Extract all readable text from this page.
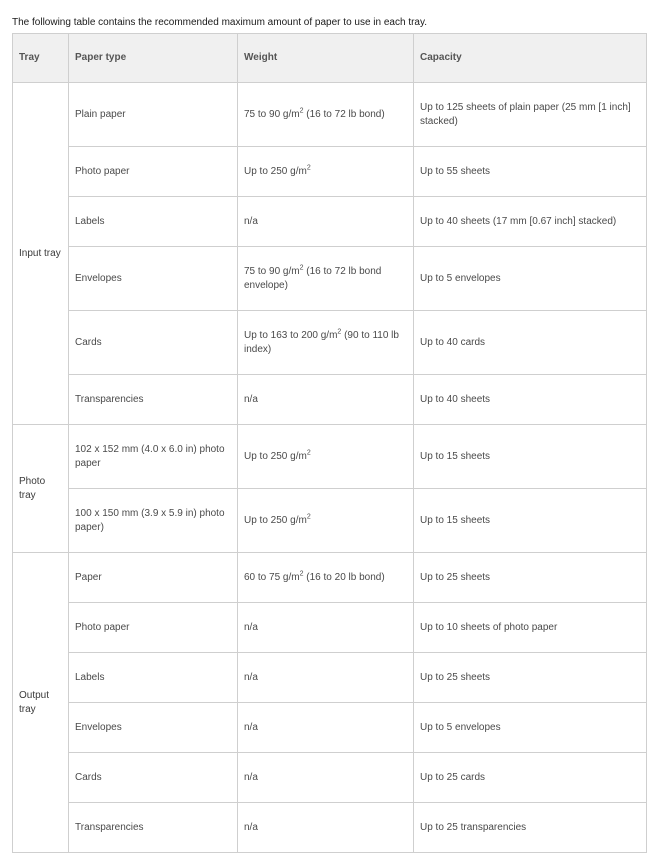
The following table contains the recommended maximum amount of paper to use in each tray.

Tray	Paper type	Weight	Capacity
Input tray	Plain paper	75 to 90 $g/m^2$ (16 to 72 lb bond)	Up to 125 sheets of plain paper (25 mm [1 inch] stacked)
	Photo paper	Up to 250 $g/m^2$	Up to 55 sheets
	Labels	n/a	Up to 40 sheets (17 mm [0.67 inch] stacked)
	Envelopes	75 to 90 $g/m^2$ (16 to 72 lb bond envelope)	Up to 5 envelopes
	Cards	Up to 163 to 200 $g/m^2$ (90 to 110 lb index)	Up to 40 cards
	Transparencies	n/a	Up to 40 sheets
Photo tray	102 x 152 mm (4.0 x 6.0 in) photo paper	Up to 250 $g/m^2$	Up to 15 sheets
	100 x 150 mm (3.9 x 5.9 in) photo paper)	Up to 250 $g/m^2$	Up to 15 sheets
Output tray	Paper	60 to 75 $g/m^2$ (16 to 20 lb bond)	Up to 25 sheets
	Photo paper	n/a	Up to 10 sheets of photo paper
	Labels	n/a	Up to 25 sheets
	Envelopes	n/a	Up to 5 envelopes
	Cards	n/a	Up to 25 cards
	Transparencies	n/a	Up to 25 transparencies
